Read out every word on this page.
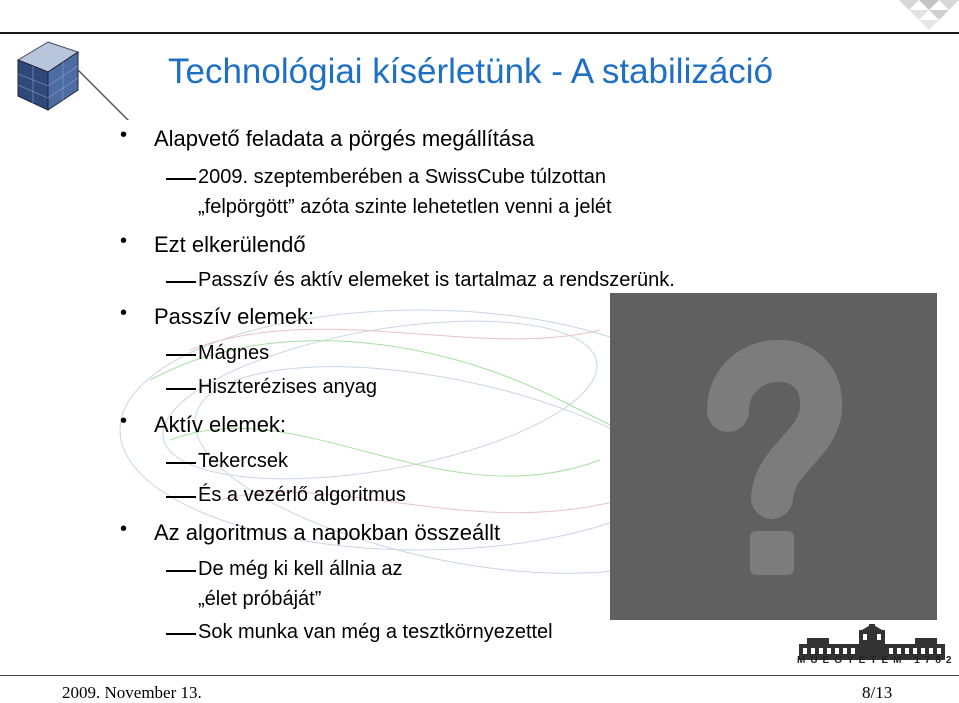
Technológiai kísérletünk - A stabilizáció
• Alapvető feladata a pörgés megállítása
2009. szeptemberében a SwissCube túlzottan
„felpörgött” azóta szinte lehetetlen venni a jelét
• Ezt elkerülendő
Passzív és aktív elemeket is tartalmaz a rendszerünk.
• Passzív elemek:
Mágnes
Hiszterézises anyag
• Aktív elemek:
Tekercsek
És a vezérlő algoritmus
• Az algoritmus a napokban összeállt
De még ki kell állnia az
„élet próbáját”
Sok munka van még a tesztkörnyezettel
MŰEGYETEM 1782
2009. November 13.	8/13
